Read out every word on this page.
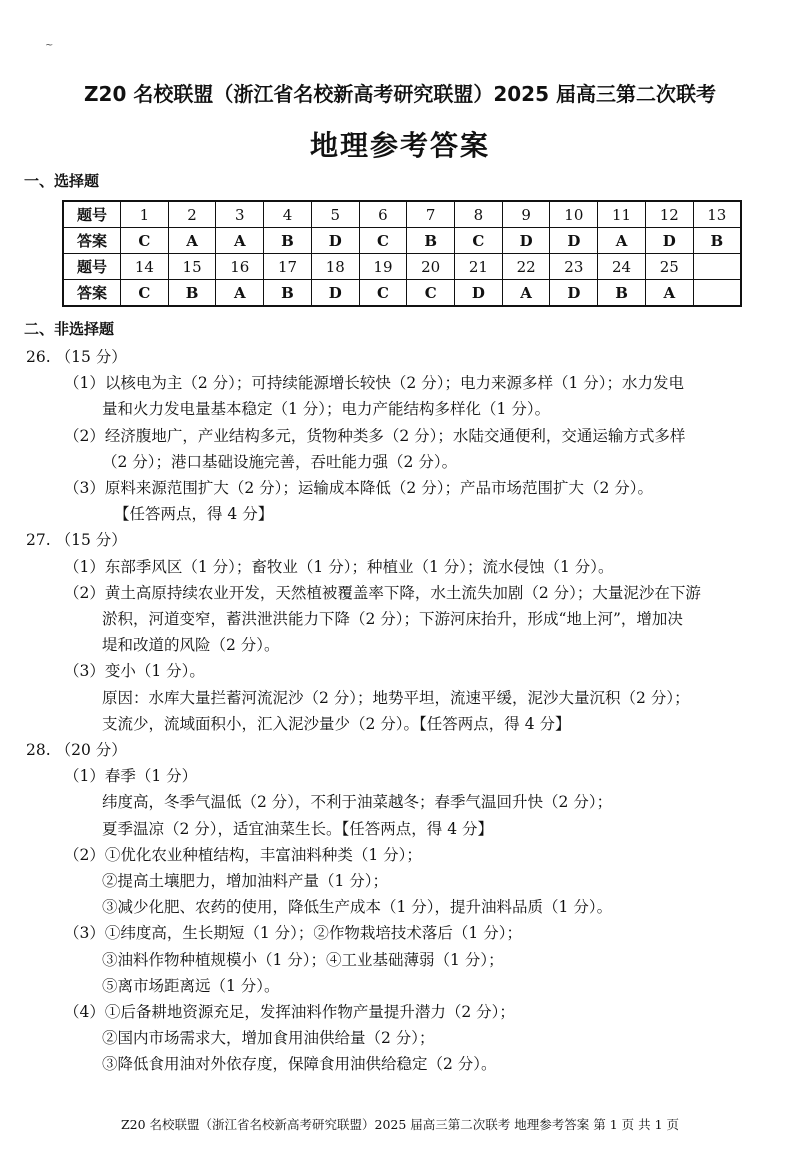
~
Z20 名校联盟（浙江省名校新高考研究联盟）2025 届高三第二次联考
地理参考答案
一、选择题
题号	1	2	3	4	5	6	7	8	9	10	11	12	13
答案	C	A	A	B	D	C	B	C	D	D	A	D	B
题号	14	15	16	17	18	19	20	21	22	23	24	25	
答案	C	B	A	B	D	C	C	D	A	D	B	A	
二、非选择题

26. （15 分）

（1）以核电为主（2 分）；可持续能源增长较快（2 分）；电力来源多样（1 分）；水力发电

量和火力发电量基本稳定（1 分）；电力产能结构多样化（1 分）。

（2）经济腹地广，产业结构多元，货物种类多（2 分）；水陆交通便利，交通运输方式多样

（2 分）；港口基础设施完善，吞吐能力强（2 分）。

（3）原料来源范围扩大（2 分）；运输成本降低（2 分）；产品市场范围扩大（2 分）。

【任答两点，得 4 分】

27. （15 分）

（1）东部季风区（1 分）；畜牧业（1 分）；种植业（1 分）；流水侵蚀（1 分）。

（2）黄土高原持续农业开发，天然植被覆盖率下降，水土流失加剧（2 分）；大量泥沙在下游

淤积，河道变窄，蓄洪泄洪能力下降（2 分）；下游河床抬升，形成“地上河”，增加决

堤和改道的风险（2 分）。

（3）变小（1 分）。

原因：水库大量拦蓄河流泥沙（2 分）；地势平坦，流速平缓，泥沙大量沉积（2 分）；

支流少，流域面积小，汇入泥沙量少（2 分）。【任答两点，得 4 分】

28. （20 分）

（1）春季（1 分）

纬度高，冬季气温低（2 分），不利于油菜越冬；春季气温回升快（2 分）；

夏季温凉（2 分），适宜油菜生长。【任答两点，得 4 分】

（2）①优化农业种植结构，丰富油料种类（1 分）；

②提高土壤肥力，增加油料产量（1 分）；

③减少化肥、农药的使用，降低生产成本（1 分），提升油料品质（1 分）。

（3）①纬度高，生长期短（1 分）；②作物栽培技术落后（1 分）；

③油料作物种植规模小（1 分）；④工业基础薄弱（1 分）；

⑤离市场距离远（1 分）。

（4）①后备耕地资源充足，发挥油料作物产量提升潜力（2 分）；

②国内市场需求大，增加食用油供给量（2 分）；

③降低食用油对外依存度，保障食用油供给稳定（2 分）。

Z20 名校联盟（浙江省名校新高考研究联盟）2025 届高三第二次联考 地理参考答案 第 1 页 共 1 页
